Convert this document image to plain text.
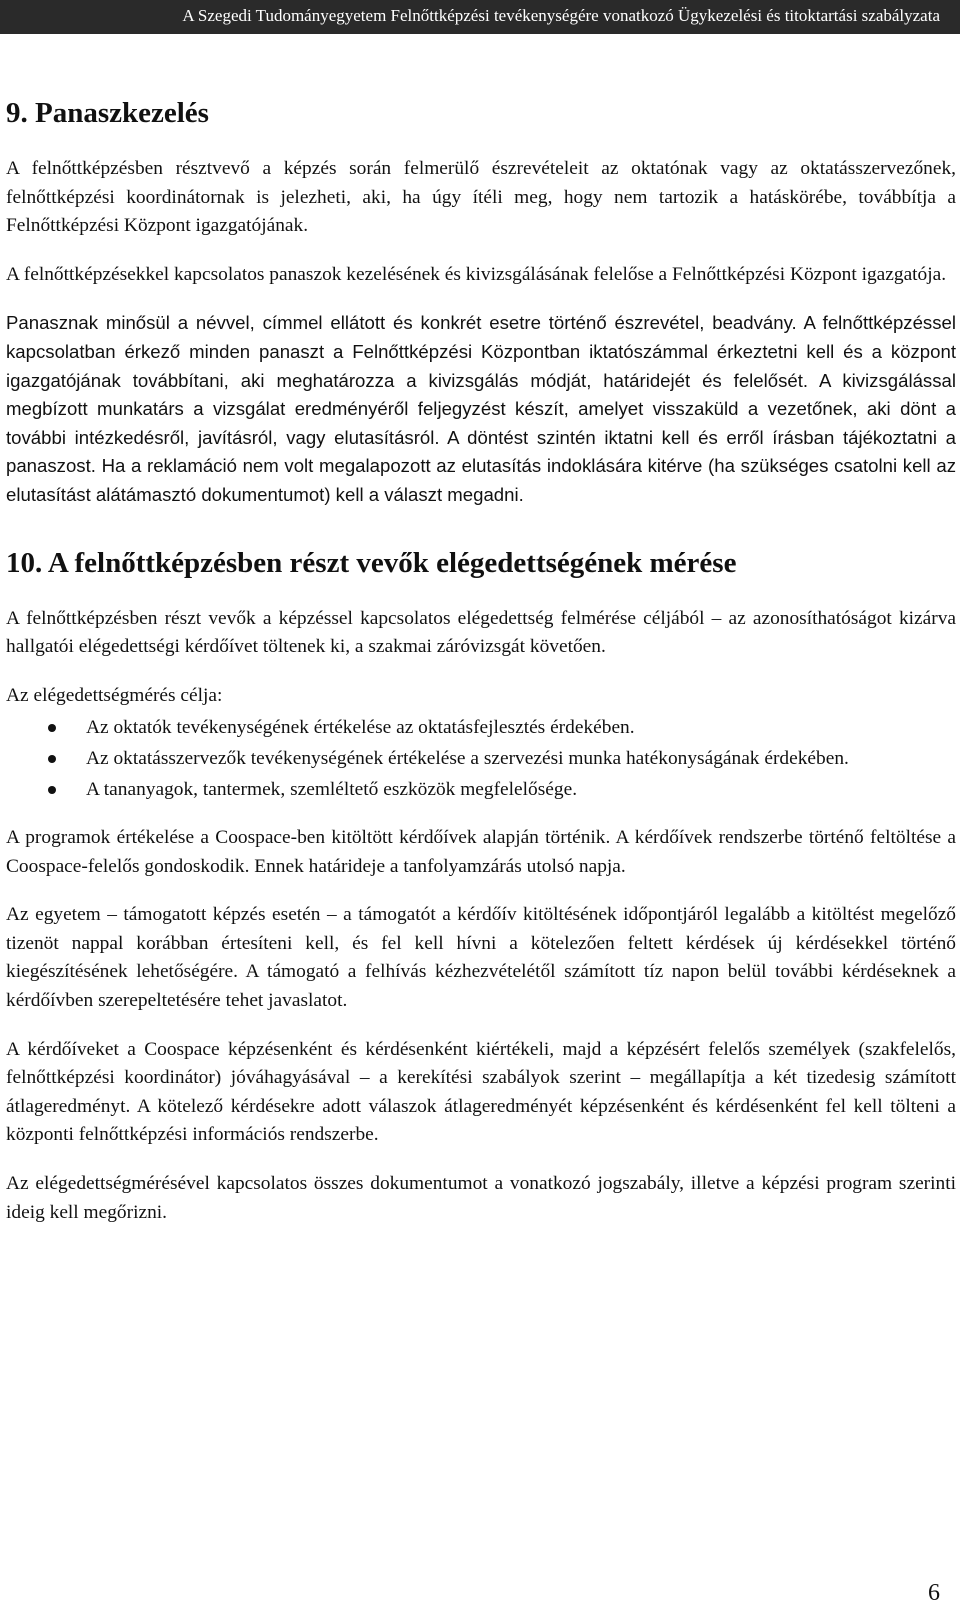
A Szegedi Tudományegyetem Felnőttképzési tevékenységére vonatkozó Ügykezelési és titoktartási szabályzata
9. Panaszkezelés

A felnőttképzésben résztvevő a képzés során felmerülő észrevételeit az oktatónak vagy az oktatásszervezőnek, felnőttképzési koordinátornak is jelezheti, aki, ha úgy ítéli meg, hogy nem tartozik a hatáskörébe, továbbítja a Felnőttképzési Központ igazgatójának.

A felnőttképzésekkel kapcsolatos panaszok kezelésének és kivizsgálásának felelőse a Felnőttképzési Központ igazgatója.

Panasznak minősül a névvel, címmel ellátott és konkrét esetre történő észrevétel, beadvány. A felnőttképzéssel kapcsolatban érkező minden panaszt a Felnőttképzési Központban iktatószámmal érkeztetni kell és a központ igazgatójának továbbítani, aki meghatározza a kivizsgálás módját, határidejét és felelősét. A kivizsgálással megbízott munkatárs a vizsgálat eredményéről feljegyzést készít, amelyet visszaküld a vezetőnek, aki dönt a további intézkedésről, javításról, vagy elutasításról. A döntést szintén iktatni kell és erről írásban tájékoztatni a panaszost. Ha a reklamáció nem volt megalapozott az elutasítás indoklására kitérve (ha szükséges csatolni kell az elutasítást alátámasztó dokumentumot) kell a választ megadni.

10. A felnőttképzésben részt vevők elégedettségének mérése

A felnőttképzésben részt vevők a képzéssel kapcsolatos elégedettség felmérése céljából – az azonosíthatóságot kizárva hallgatói elégedettségi kérdőívet töltenek ki, a szakmai záróvizsgát követően.

Az elégedettségmérés célja:

Az oktatók tevékenységének értékelése az oktatásfejlesztés érdekében.
Az oktatásszervezők tevékenységének értékelése a szervezési munka hatékonyságának érdekében.
A tananyagok, tantermek, szemléltető eszközök megfelelősége.

A programok értékelése a Coospace-ben kitöltött kérdőívek alapján történik. A kérdőívek rendszerbe történő feltöltése a Coospace-felelős gondoskodik. Ennek határideje a tanfolyamzárás utolsó napja.

Az egyetem – támogatott képzés esetén – a támogatót a kérdőív kitöltésének időpontjáról legalább a kitöltést megelőző tizenöt nappal korábban értesíteni kell, és fel kell hívni a kötelezően feltett kérdések új kérdésekkel történő kiegészítésének lehetőségére. A támogató a felhívás kézhezvételétől számított tíz napon belül további kérdéseknek a kérdőívben szerepeltetésére tehet javaslatot.

A kérdőíveket a Coospace képzésenként és kérdésenként kiértékeli, majd a képzésért felelős személyek (szakfelelős, felnőttképzési koordinátor) jóváhagyásával – a kerekítési szabályok szerint – megállapítja a két tizedesig számított átlageredményt. A kötelező kérdésekre adott válaszok átlageredményét képzésenként és kérdésenként fel kell tölteni a központi felnőttképzési információs rendszerbe.

Az elégedettségmérésével kapcsolatos összes dokumentumot a vonatkozó jogszabály, illetve a képzési program szerinti ideig kell megőrizni.

6
